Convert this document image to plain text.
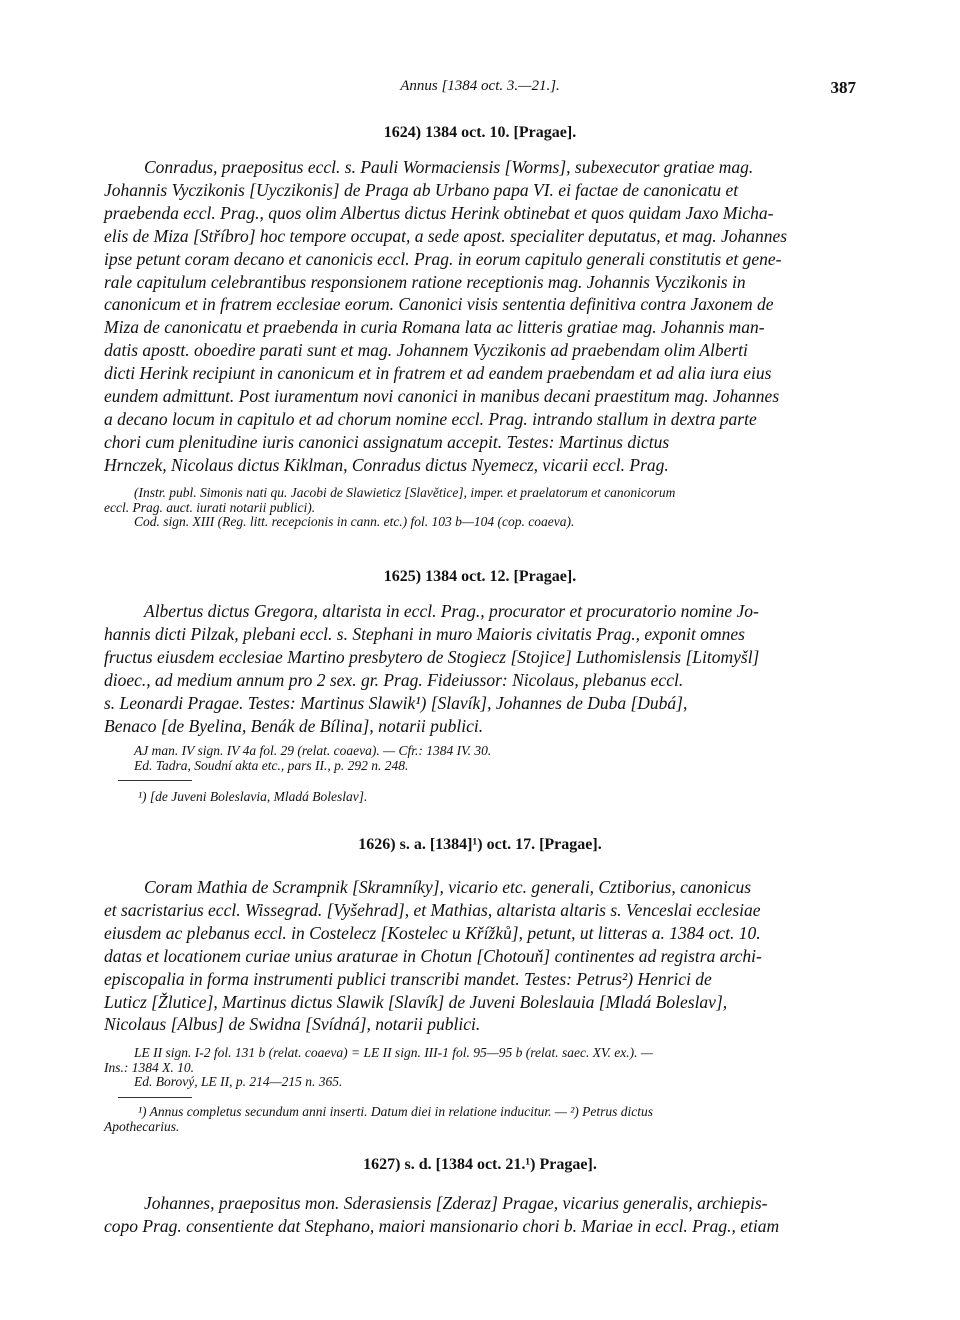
Annus [1384 oct. 3.—21.].	387
1624) 1384 oct. 10. [Pragae].
Conradus, praepositus eccl. s. Pauli Wormaciensis [Worms], subexecutor gratiae mag.
Johannis Vyczikonis [Uyczikonis] de Praga ab Urbano papa VI. ei factae de canonicatu et
praebenda eccl. Prag., quos olim Albertus dictus Herink obtinebat et quos quidam Jaxo Micha-
elis de Miza [Stříbro] hoc tempore occupat, a sede apost. specialiter deputatus, et mag. Johannes
ipse petunt coram decano et canonicis eccl. Prag. in eorum capitulo generali constitutis et gene-
rale capitulum celebrantibus responsionem ratione receptionis mag. Johannis Vyczikonis in
canonicum et in fratrem ecclesiae eorum. Canonici visis sententia definitiva contra Jaxonem de
Miza de canonicatu et praebenda in curia Romana lata ac litteris gratiae mag. Johannis man-
datis apostt. oboedire parati sunt et mag. Johannem Vyczikonis ad praebendam olim Alberti
dicti Herink recipiunt in canonicum et in fratrem et ad eandem praebendam et ad alia iura eius
eundem admittunt. Post iuramentum novi canonici in manibus decani praestitum mag. Johannes
a decano locum in capitulo et ad chorum nomine eccl. Prag. intrando stallum in dextra parte
chori cum plenitudine iuris canonici assignatum accepit. Testes: Martinus dictus
Hrnczek, Nicolaus dictus Kiklman, Conradus dictus Nyemecz, vicarii eccl. Prag.
(Instr. publ. Simonis nati qu. Jacobi de Slawieticz [Slavětice], imper. et praelatorum et canonicorum
eccl. Prag. auct. iurati notarii publici).
Cod. sign. XIII (Reg. litt. recepcionis in cann. etc.) fol. 103 b—104 (cop. coaeva).
1625) 1384 oct. 12. [Pragae].
Albertus dictus Gregora, altarista in eccl. Prag., procurator et procuratorio nomine Jo-
hannis dicti Pilzak, plebani eccl. s. Stephani in muro Maioris civitatis Prag., exponit omnes
fructus eiusdem ecclesiae Martino presbytero de Stogiecz [Stojice] Luthomislensis [Litomyšl]
dioec., ad medium annum pro 2 sex. gr. Prag. Fideiussor: Nicolaus, plebanus eccl.
s. Leonardi Pragae. Testes: Martinus Slawik¹) [Slavík], Johannes de Duba [Dubá],
Benaco [de Byelina, Benák de Bílina], notarii publici.
AJ man. IV sign. IV 4a fol. 29 (relat. coaeva). — Cfr.: 1384 IV. 30.
Ed. Tadra, Soudní akta etc., pars II., p. 292 n. 248.
¹) [de Juveni Boleslavia, Mladá Boleslav].
1626) s. a. [1384]¹) oct. 17. [Pragae].
Coram Mathia de Scrampnik [Skramníky], vicario etc. generali, Cztiborius, canonicus
et sacristarius eccl. Wissegrad. [Vyšehrad], et Mathias, altarista altaris s. Venceslai ecclesiae
eiusdem ac plebanus eccl. in Costelecz [Kostelec u Křížků], petunt, ut litteras a. 1384 oct. 10.
datas et locationem curiae unius araturae in Chotun [Chotouň] continentes ad registra archi-
episcopalia in forma instrumenti publici transcribi mandet. Testes: Petrus²) Henrici de
Luticz [Žlutice], Martinus dictus Slawik [Slavík] de Juveni Boleslauia [Mladá Boleslav],
Nicolaus [Albus] de Swidna [Svídná], notarii publici.
LE II sign. I-2 fol. 131 b (relat. coaeva) = LE II sign. III-1 fol. 95—95 b (relat. saec. XV. ex.). —
Ins.: 1384 X. 10.
Ed. Borový, LE II, p. 214—215 n. 365.
¹) Annus completus secundum anni inserti. Datum diei in relatione inducitur. — ²) Petrus dictus
Apothecarius.
1627) s. d. [1384 oct. 21.¹) Pragae].
Johannes, praepositus mon. Sderasiensis [Zderaz] Pragae, vicarius generalis, archiepis-
copo Prag. consentiente dat Stephano, maiori mansionario chori b. Mariae in eccl. Prag., etiam
